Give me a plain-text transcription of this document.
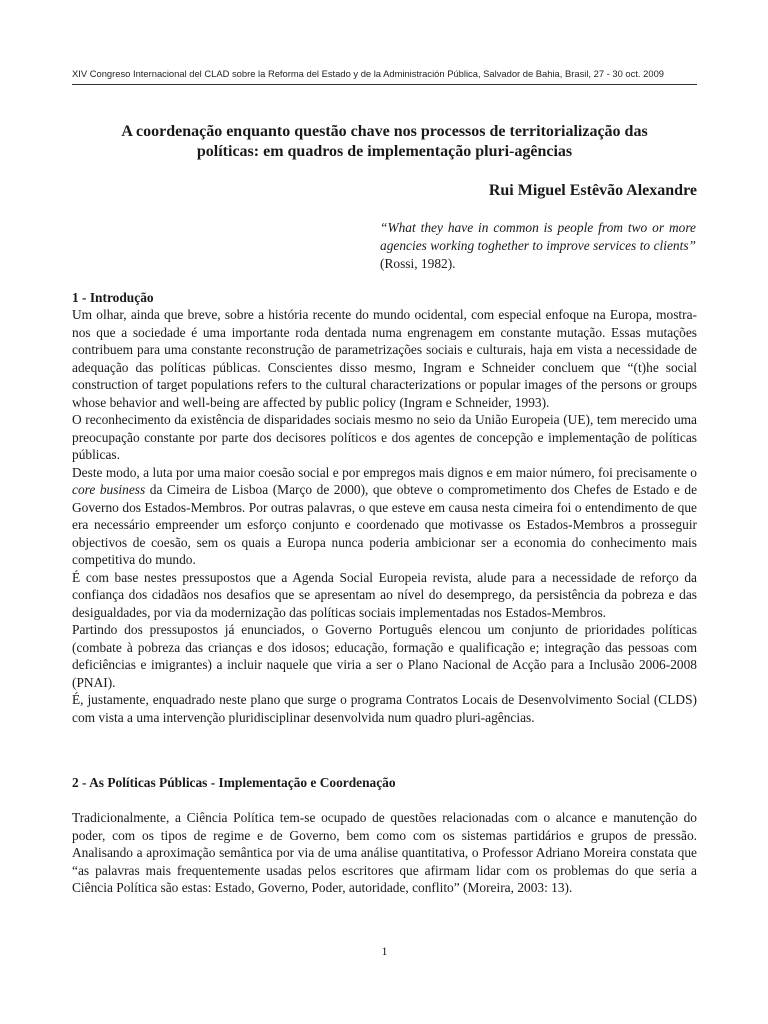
XIV Congreso Internacional del CLAD sobre la Reforma del Estado y de la Administración Pública, Salvador de Bahia, Brasil, 27 - 30 oct. 2009
A coordenação enquanto questão chave nos processos de territorialização das
políticas: em quadros de implementação pluri-agências
Rui Miguel Estêvão Alexandre
“What they have in common is people from two or more agencies working toghether to improve services to clients” (Rossi, 1982).
1 - Introdução

Um olhar, ainda que breve, sobre a história recente do mundo ocidental, com especial enfoque na Europa, mostra-nos que a sociedade é uma importante roda dentada numa engrenagem em constante mutação. Essas mutações contribuem para uma constante reconstrução de parametrizações sociais e culturais, haja em vista a necessidade de adequação das políticas públicas. Conscientes disso mesmo, Ingram e Schneider concluem que “(t)he social construction of target populations refers to the cultural characterizations or popular images of the persons or groups whose behavior and well-being are affected by public policy (Ingram e Schneider, 1993).

O reconhecimento da existência de disparidades sociais mesmo no seio da União Europeia (UE), tem merecido uma preocupação constante por parte dos decisores políticos e dos agentes de concepção e implementação de políticas públicas.

Deste modo, a luta por uma maior coesão social e por empregos mais dignos e em maior número, foi precisamente o core business da Cimeira de Lisboa (Março de 2000), que obteve o comprometimento dos Chefes de Estado e de Governo dos Estados-Membros. Por outras palavras, o que esteve em causa nesta cimeira foi o entendimento de que era necessário empreender um esforço conjunto e coordenado que motivasse os Estados-Membros a prosseguir objectivos de coesão, sem os quais a Europa nunca poderia ambicionar ser a economia do conhecimento mais competitiva do mundo.

É com base nestes pressupostos que a Agenda Social Europeia revista, alude para a necessidade de reforço da confiança dos cidadãos nos desafios que se apresentam ao nível do desemprego, da persistência da pobreza e das desigualdades, por via da modernização das políticas sociais implementadas nos Estados-Membros.

Partindo dos pressupostos já enunciados, o Governo Português elencou um conjunto de prioridades políticas (combate à pobreza das crianças e dos idosos; educação, formação e qualificação e; integração das pessoas com deficiências e imigrantes) a incluir naquele que viria a ser o Plano Nacional de Acção para a Inclusão 2006-2008 (PNAI).

É, justamente, enquadrado neste plano que surge o programa Contratos Locais de Desenvolvimento Social (CLDS) com vista a uma intervenção pluridisciplinar desenvolvida num quadro pluri-agências.

2 - As Políticas Públicas - Implementação e Coordenação

Tradicionalmente, a Ciência Política tem-se ocupado de questões relacionadas com o alcance e manutenção do poder, com os tipos de regime e de Governo, bem como com os sistemas partidários e grupos de pressão. Analisando a aproximação semântica por via de uma análise quantitativa, o Professor Adriano Moreira constata que “as palavras mais frequentemente usadas pelos escritores que afirmam lidar com os problemas do que seria a Ciência Política são estas: Estado, Governo, Poder, autoridade, conflito” (Moreira, 2003: 13).

1
